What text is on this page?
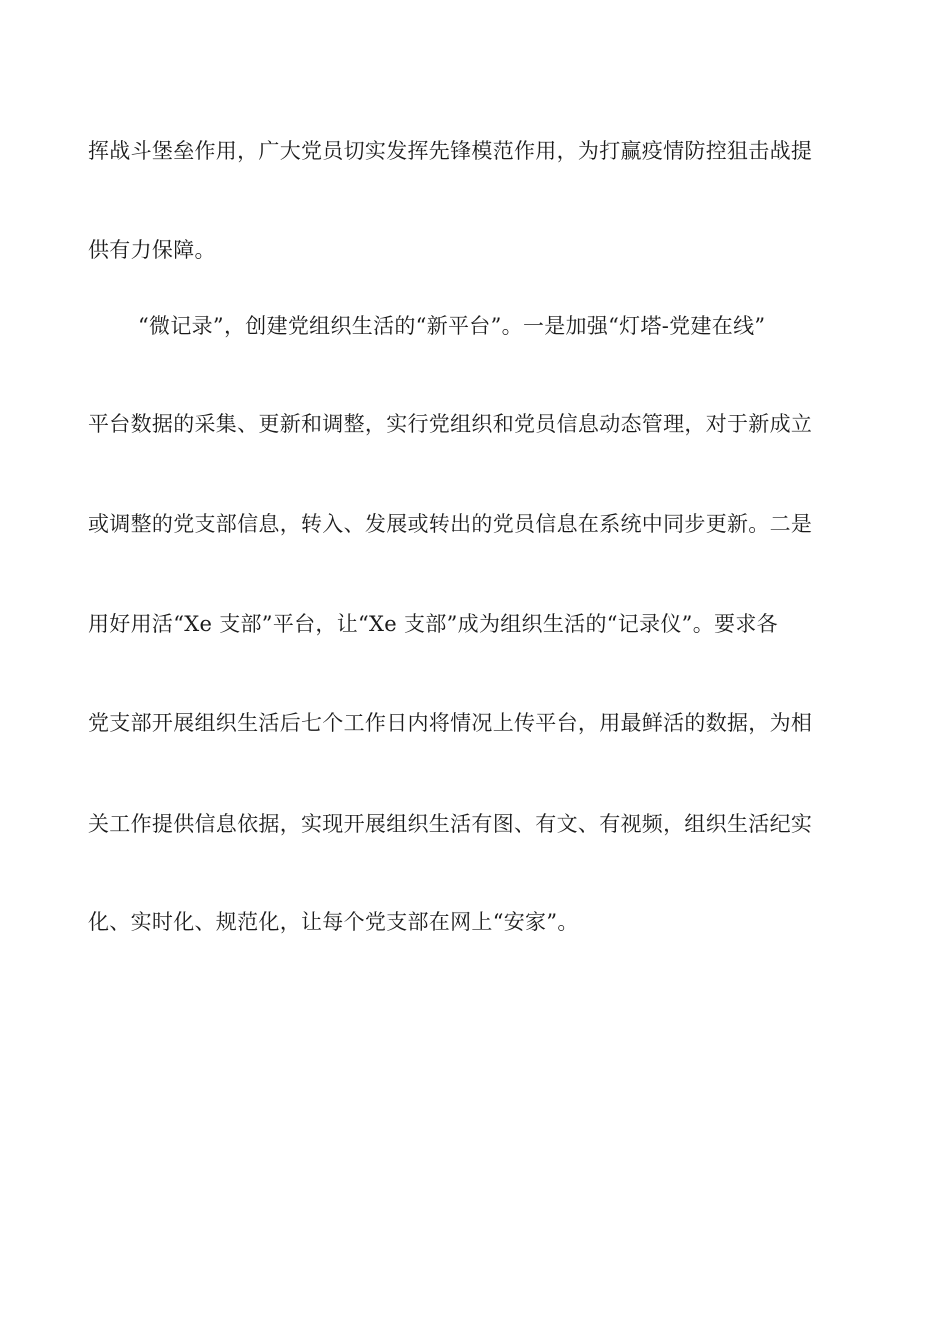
挥战斗堡垒作用，广大党员切实发挥先锋模范作用，为打赢疫情防控狙击战提
供有力保障。
“微记录”，创建党组织生活的“新平台”。一是加强“灯塔-党建在线”
平台数据的采集、更新和调整，实行党组织和党员信息动态管理，对于新成立
或调整的党支部信息，转入、发展或转出的党员信息在系统中同步更新。二是
用好用活“Xe 支部”平台，让“Xe 支部”成为组织生活的“记录仪”。要求各
党支部开展组织生活后七个工作日内将情况上传平台，用最鲜活的数据，为相
关工作提供信息依据，实现开展组织生活有图、有文、有视频，组织生活纪实
化、实时化、规范化，让每个党支部在网上“安家”。
